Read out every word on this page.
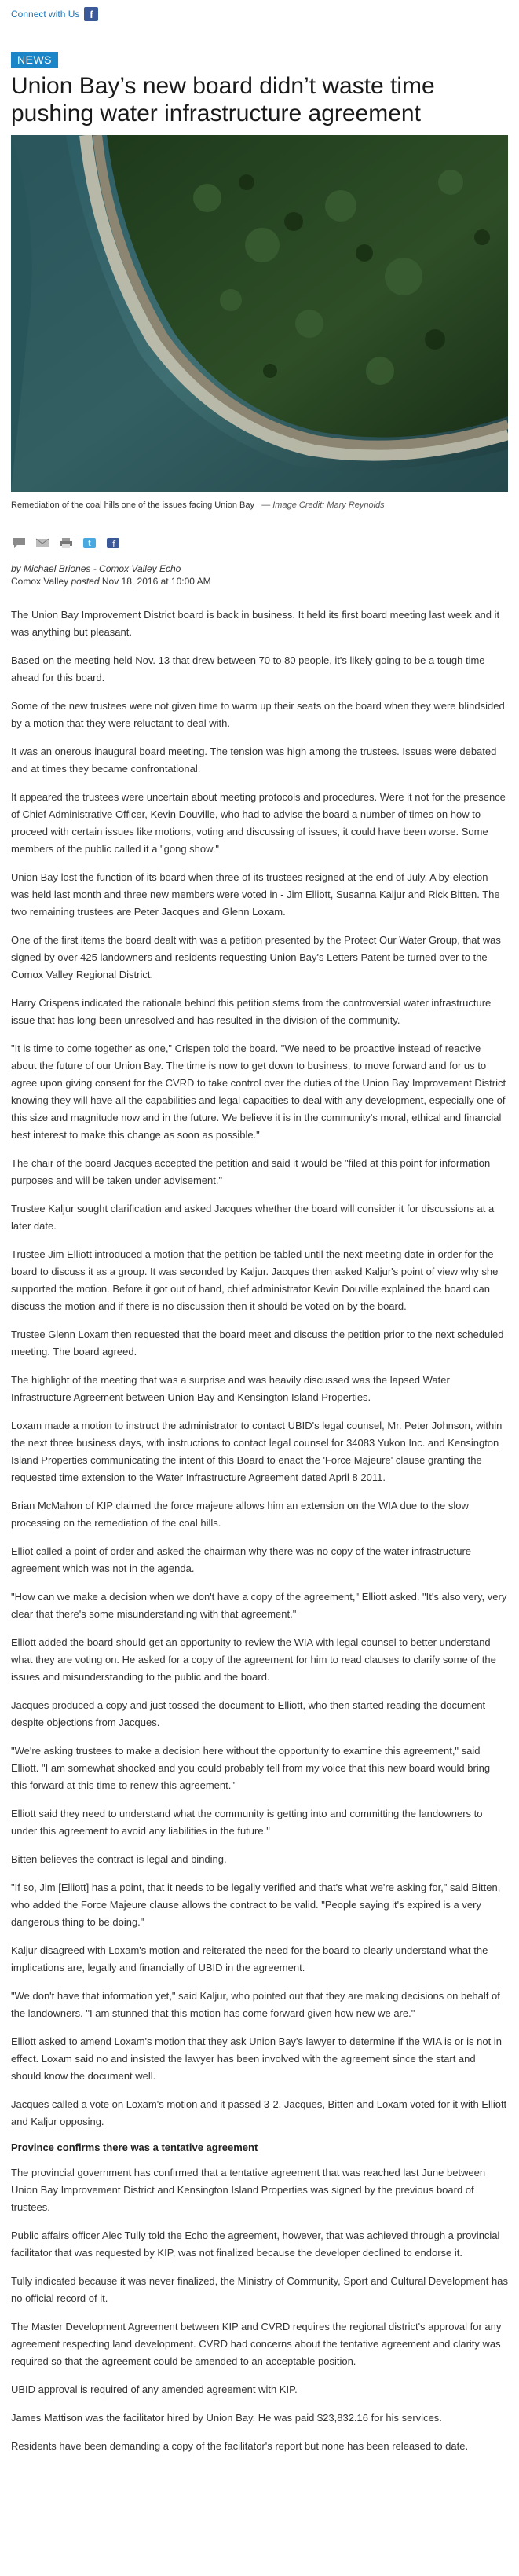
Connect with Us f
NEWS
Union Bay’s new board didn’t waste time pushing water infrastructure agreement
Remediation of the coal hills one of the issues facing Union Bay — Image Credit: Mary Reynolds
t f
by Michael Briones - Comox Valley Echo
Comox Valley posted Nov 18, 2016 at 10:00 AM

The Union Bay Improvement District board is back in business. It held its first board meeting last week and it was anything but pleasant.

Based on the meeting held Nov. 13 that drew between 70 to 80 people, it's likely going to be a tough time ahead for this board.

Some of the new trustees were not given time to warm up their seats on the board when they were blindsided by a motion that they were reluctant to deal with.

It was an onerous inaugural board meeting. The tension was high among the trustees. Issues were debated and at times they became confrontational.

It appeared the trustees were uncertain about meeting protocols and procedures. Were it not for the presence of Chief Administrative Officer, Kevin Douville, who had to advise the board a number of times on how to proceed with certain issues like motions, voting and discussing of issues, it could have been worse. Some members of the public called it a "gong show."

Union Bay lost the function of its board when three of its trustees resigned at the end of July. A by-election was held last month and three new members were voted in - Jim Elliott, Susanna Kaljur and Rick Bitten. The two remaining trustees are Peter Jacques and Glenn Loxam.

One of the first items the board dealt with was a petition presented by the Protect Our Water Group, that was signed by over 425 landowners and residents requesting Union Bay's Letters Patent be turned over to the Comox Valley Regional District.

Harry Crispens indicated the rationale behind this petition stems from the controversial water infrastructure issue that has long been unresolved and has resulted in the division of the community.

"It is time to come together as one," Crispen told the board. "We need to be proactive instead of reactive about the future of our Union Bay. The time is now to get down to business, to move forward and for us to agree upon giving consent for the CVRD to take control over the duties of the Union Bay Improvement District knowing they will have all the capabilities and legal capacities to deal with any development, especially one of this size and magnitude now and in the future. We believe it is in the community's moral, ethical and financial best interest to make this change as soon as possible."

The chair of the board Jacques accepted the petition and said it would be "filed at this point for information purposes and will be taken under advisement."

Trustee Kaljur sought clarification and asked Jacques whether the board will consider it for discussions at a later date.

Trustee Jim Elliott introduced a motion that the petition be tabled until the next meeting date in order for the board to discuss it as a group. It was seconded by Kaljur. Jacques then asked Kaljur's point of view why she supported the motion. Before it got out of hand, chief administrator Kevin Douville explained the board can discuss the motion and if there is no discussion then it should be voted on by the board.

Trustee Glenn Loxam then requested that the board meet and discuss the petition prior to the next scheduled meeting. The board agreed.

The highlight of the meeting that was a surprise and was heavily discussed was the lapsed Water Infrastructure Agreement between Union Bay and Kensington Island Properties.

Loxam made a motion to instruct the administrator to contact UBID's legal counsel, Mr. Peter Johnson, within the next three business days, with instructions to contact legal counsel for 34083 Yukon Inc. and Kensington Island Properties communicating the intent of this Board to enact the 'Force Majeure' clause granting the requested time extension to the Water Infrastructure Agreement dated April 8 2011.

Brian McMahon of KIP claimed the force majeure allows him an extension on the WIA due to the slow processing on the remediation of the coal hills.

Elliot called a point of order and asked the chairman why there was no copy of the water infrastructure agreement which was not in the agenda.

"How can we make a decision when we don't have a copy of the agreement," Elliott asked. "It's also very, very clear that there's some misunderstanding with that agreement."

Elliott added the board should get an opportunity to review the WIA with legal counsel to better understand what they are voting on. He asked for a copy of the agreement for him to read clauses to clarify some of the issues and misunderstanding to the public and the board.

Jacques produced a copy and just tossed the document to Elliott, who then started reading the document despite objections from Jacques.

"We're asking trustees to make a decision here without the opportunity to examine this agreement," said Elliott. "I am somewhat shocked and you could probably tell from my voice that this new board would bring this forward at this time to renew this agreement."

Elliott said they need to understand what the community is getting into and committing the landowners to under this agreement to avoid any liabilities in the future."

Bitten believes the contract is legal and binding.

"If so, Jim [Elliott] has a point, that it needs to be legally verified and that's what we're asking for," said Bitten, who added the Force Majeure clause allows the contract to be valid. "People saying it's expired is a very dangerous thing to be doing."

Kaljur disagreed with Loxam's motion and reiterated the need for the board to clearly understand what the implications are, legally and financially of UBID in the agreement.

"We don't have that information yet," said Kaljur, who pointed out that they are making decisions on behalf of the landowners. "I am stunned that this motion has come forward given how new we are."

Elliott asked to amend Loxam's motion that they ask Union Bay's lawyer to determine if the WIA is or is not in effect. Loxam said no and insisted the lawyer has been involved with the agreement since the start and should know the document well.

Jacques called a vote on Loxam's motion and it passed 3-2. Jacques, Bitten and Loxam voted for it with Elliott and Kaljur opposing.

Province confirms there was a tentative agreement

The provincial government has confirmed that a tentative agreement that was reached last June between Union Bay Improvement District and Kensington Island Properties was signed by the previous board of trustees.

Public affairs officer Alec Tully told the Echo the agreement, however, that was achieved through a provincial facilitator that was requested by KIP, was not finalized because the developer declined to endorse it.

Tully indicated because it was never finalized, the Ministry of Community, Sport and Cultural Development has no official record of it.

The Master Development Agreement between KIP and CVRD requires the regional district's approval for any agreement respecting land development. CVRD had concerns about the tentative agreement and clarity was required so that the agreement could be amended to an acceptable position.

UBID approval is required of any amended agreement with KIP.

James Mattison was the facilitator hired by Union Bay. He was paid $23,832.16 for his services.

Residents have been demanding a copy of the facilitator's report but none has been released to date.
